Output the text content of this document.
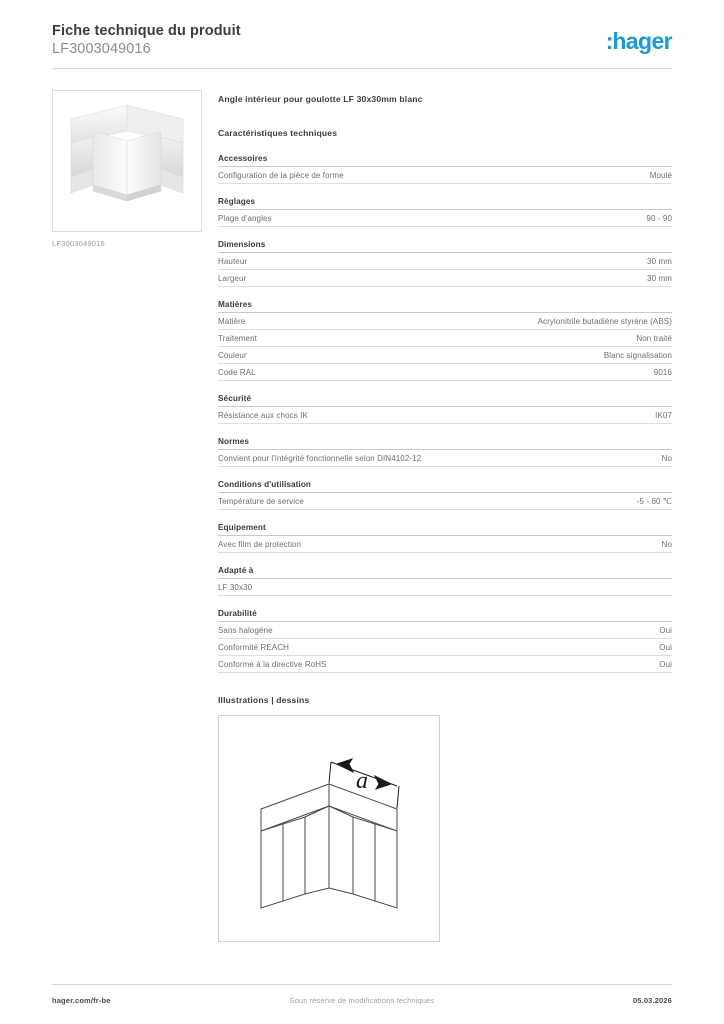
Fiche technique du produit
LF3003049016	:hager
LF3003049016
Angle intérieur pour goulotte LF 30x30mm blanc
Caractéristiques techniques
Accessoires
Configuration de la pièce de forme	Moulé
Réglages
Plage d'angles	90 - 90
Dimensions
Hauteur	30 mm
Largeur	30 mm
Matières
Matière	Acrylonitrile butadiène styrène (ABS)
Traitement	Non traité
Couleur	Blanc signalisation
Code RAL	9016
Sécurité
Résistance aux chocs IK	IK07
Normes
Convient pour l'intégrité fonctionnelle selon DIN4102-12	No
Conditions d'utilisation
Température de service	-5 - 60 ℃
Equipement
Avec film de protection	No
Adapté à
LF 30x30
Durabilité
Sans halogène	Oui
Conformité REACH	Oui
Conforme à la directive RoHS	Oui
Illustrations | dessins
a
hager.com/fr-be	Sous réserve de modifications techniques	05.03.2026
